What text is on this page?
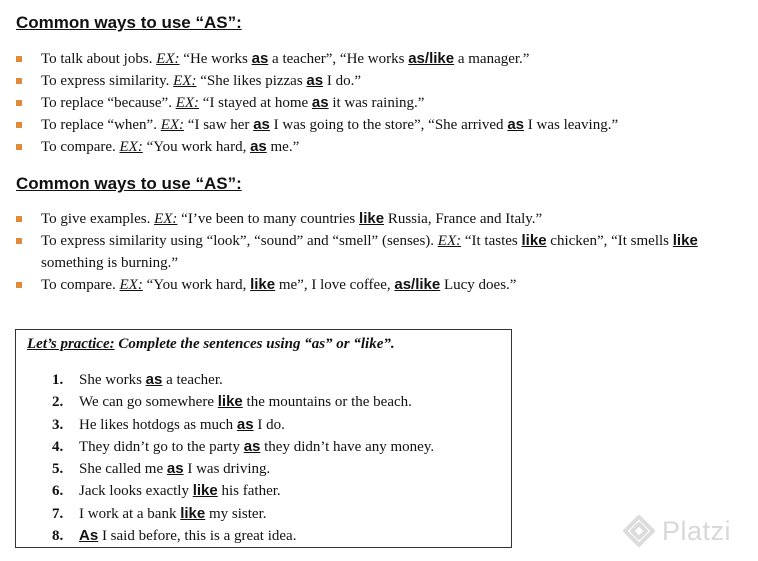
Common ways to use “AS”:
To talk about jobs. EX: “He works as a teacher”, “He works as/like a manager.”
To express similarity. EX: “She likes pizzas as I do.”
To replace “because”. EX: “I stayed at home as it was raining.”
To replace “when”. EX: “I saw her as I was going to the store”, “She arrived as I was leaving.”
To compare. EX: “You work hard, as me.”
Common ways to use “AS”:
To give examples. EX: “I’ve been to many countries like Russia, France and Italy.”
To express similarity using “look”, “sound” and “smell” (senses). EX: “It tastes like chicken”, “It smells like something is burning.”
To compare. EX: “You work hard, like me”, I love coffee, as/like Lucy does.”

Let’s practice: Complete the sentences using “as” or “like”.

1. She works as a teacher.
2. We can go somewhere like the mountains or the beach.
3. He likes hotdogs as much as I do.
4. They didn’t go to the party as they didn’t have any money.
5. She called me as I was driving.
6. Jack looks exactly like his father.
7. I work at a bank like my sister.
8. As I said before, this is a great idea.	Platzi
